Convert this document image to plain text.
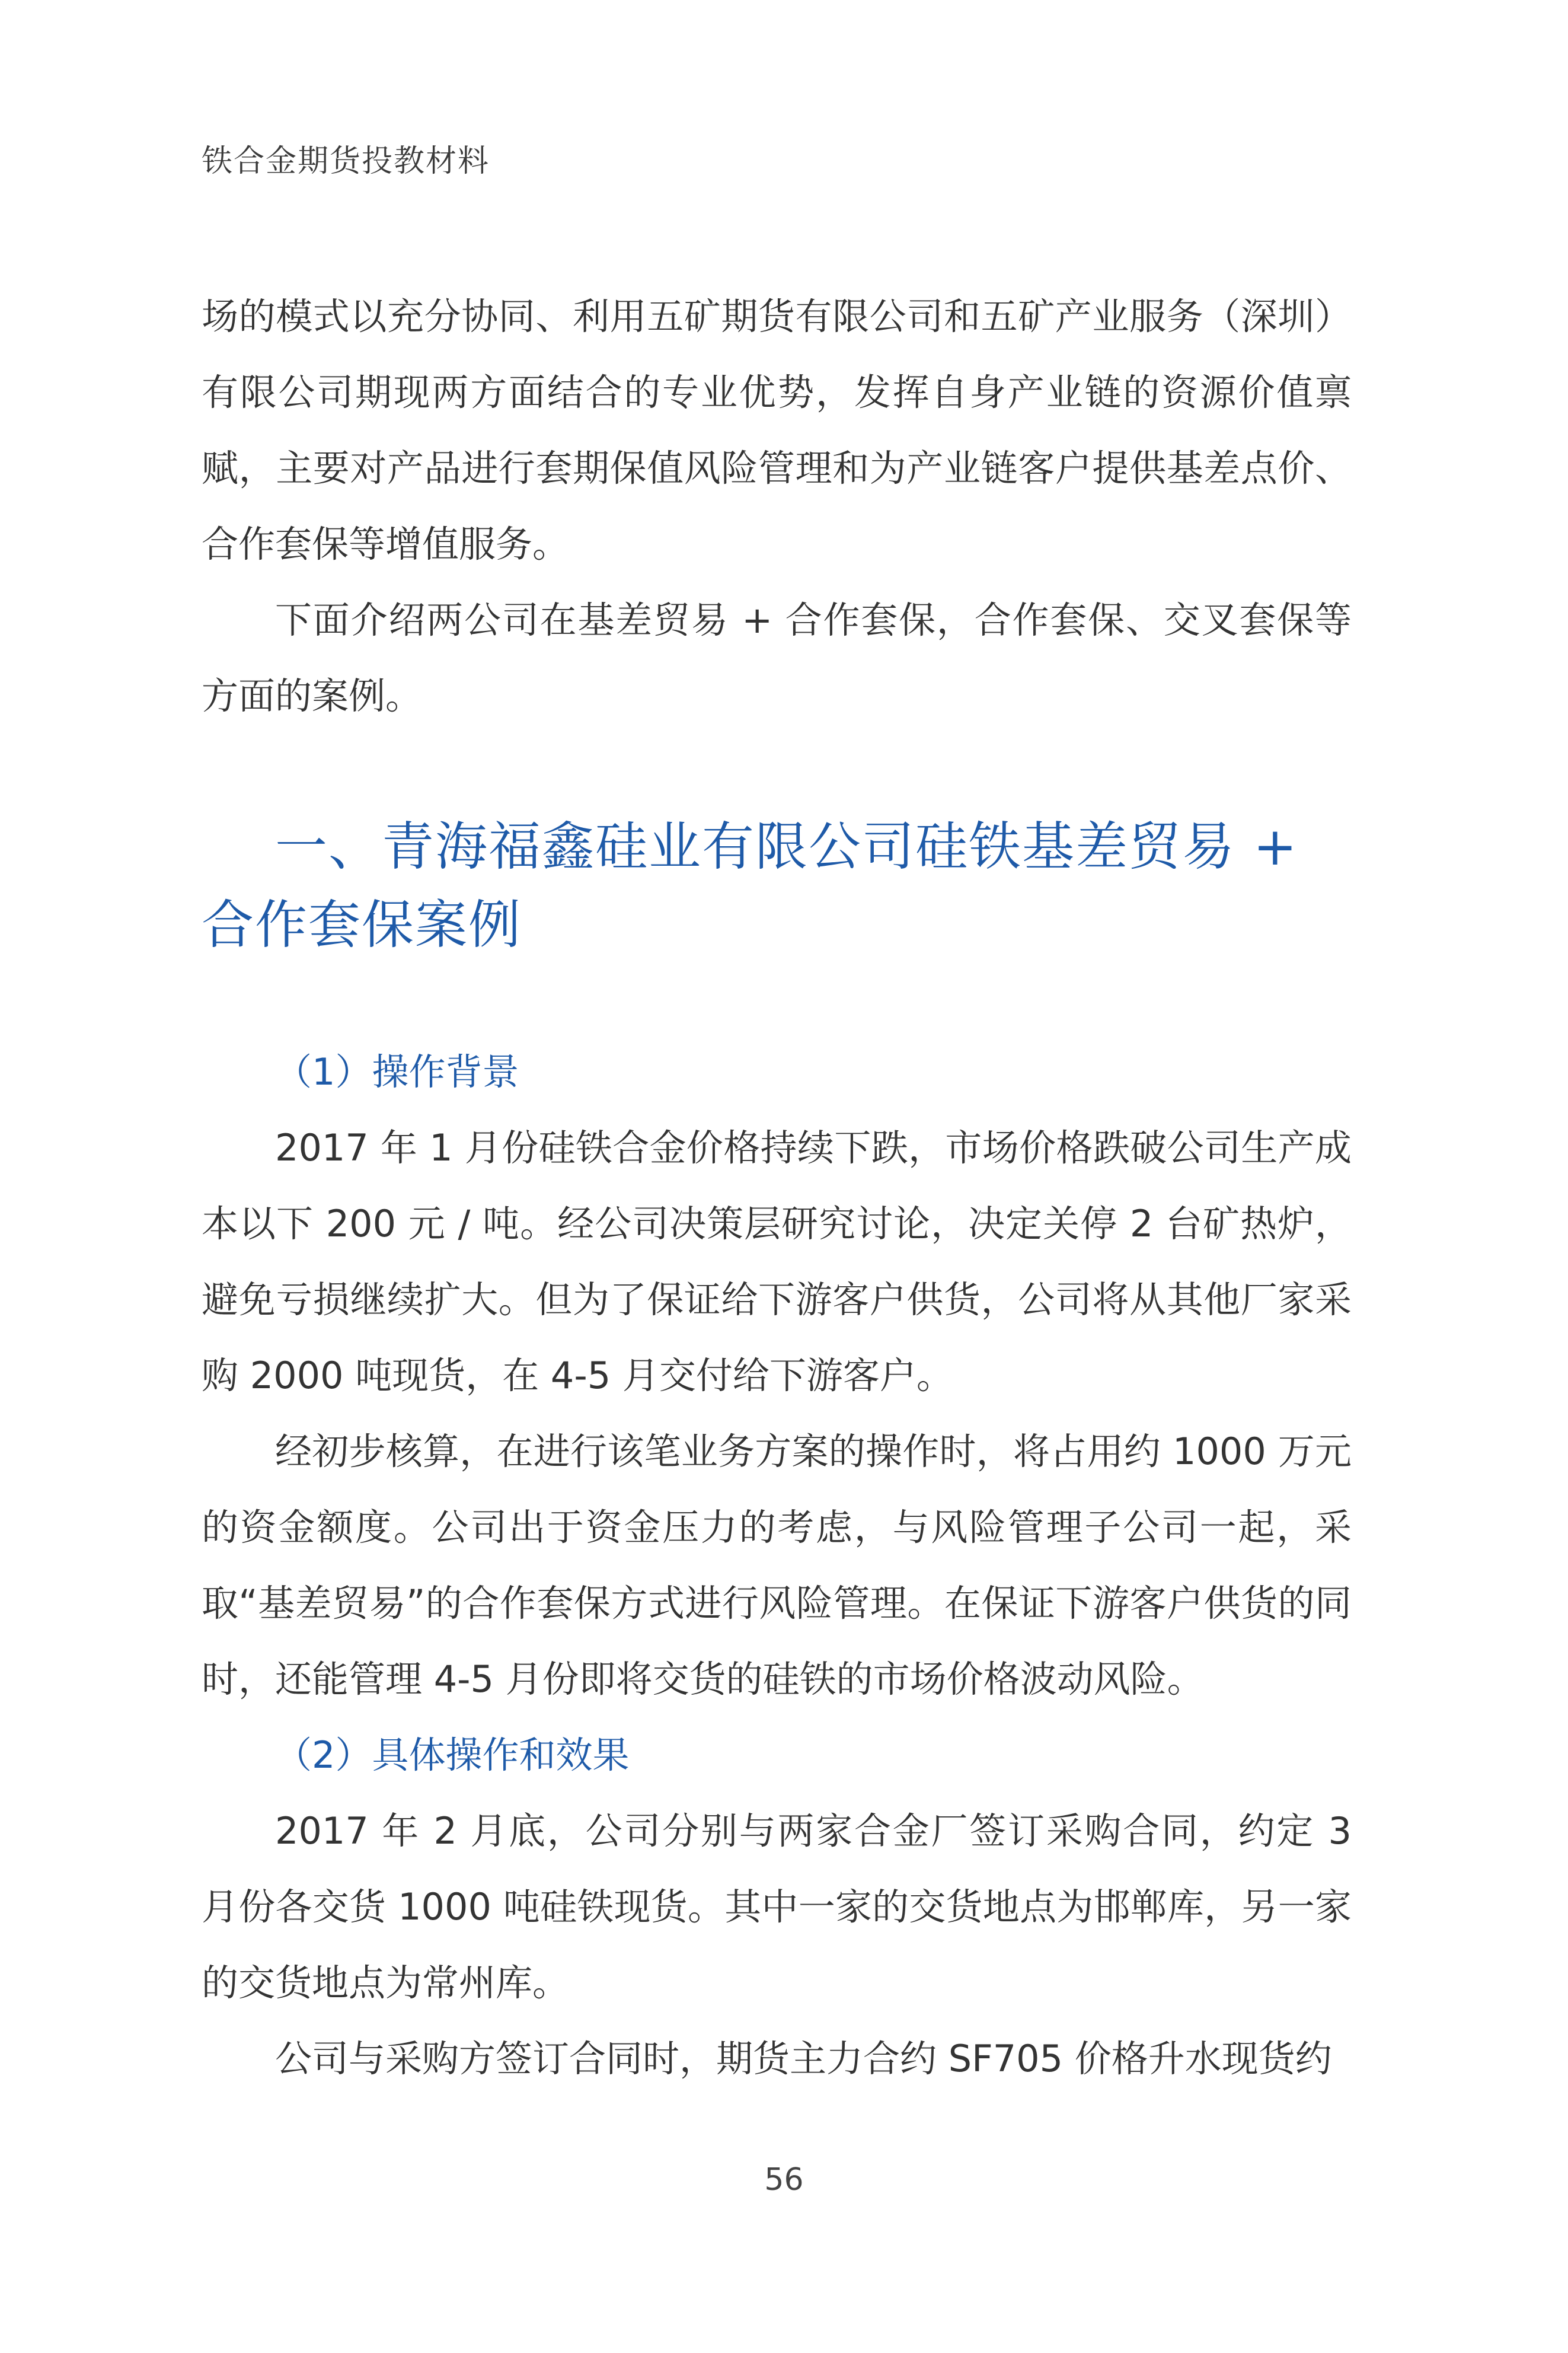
铁合金期货投教材料

场的模式以充分协同、利用五矿期货有限公司和五矿产业服务（深圳）有限公司期现两方面结合的专业优势，发挥自身产业链的资源价值禀赋，主要对产品进行套期保值风险管理和为产业链客户提供基差点价、合作套保等增值服务。

下面介绍两公司在基差贸易 + 合作套保，合作套保、交叉套保等方面的案例。

一、青海福鑫硅业有限公司硅铁基差贸易 + 合作套保案例
（1）操作背景

2017 年 1 月份硅铁合金价格持续下跌，市场价格跌破公司生产成本以下 200 元 / 吨。经公司决策层研究讨论，决定关停 2 台矿热炉，避免亏损继续扩大。但为了保证给下游客户供货，公司将从其他厂家采购 2000 吨现货，在 4-5 月交付给下游客户。

经初步核算，在进行该笔业务方案的操作时，将占用约 1000 万元的资金额度。公司出于资金压力的考虑，与风险管理子公司一起，采取“基差贸易”的合作套保方式进行风险管理。在保证下游客户供货的同时，还能管理 4-5 月份即将交货的硅铁的市场价格波动风险。

（2）具体操作和效果

2017 年 2 月底，公司分别与两家合金厂签订采购合同，约定 3 月份各交货 1000 吨硅铁现货。其中一家的交货地点为邯郸库，另一家的交货地点为常州库。

公司与采购方签订合同时，期货主力合约 SF705 价格升水现货约

56
